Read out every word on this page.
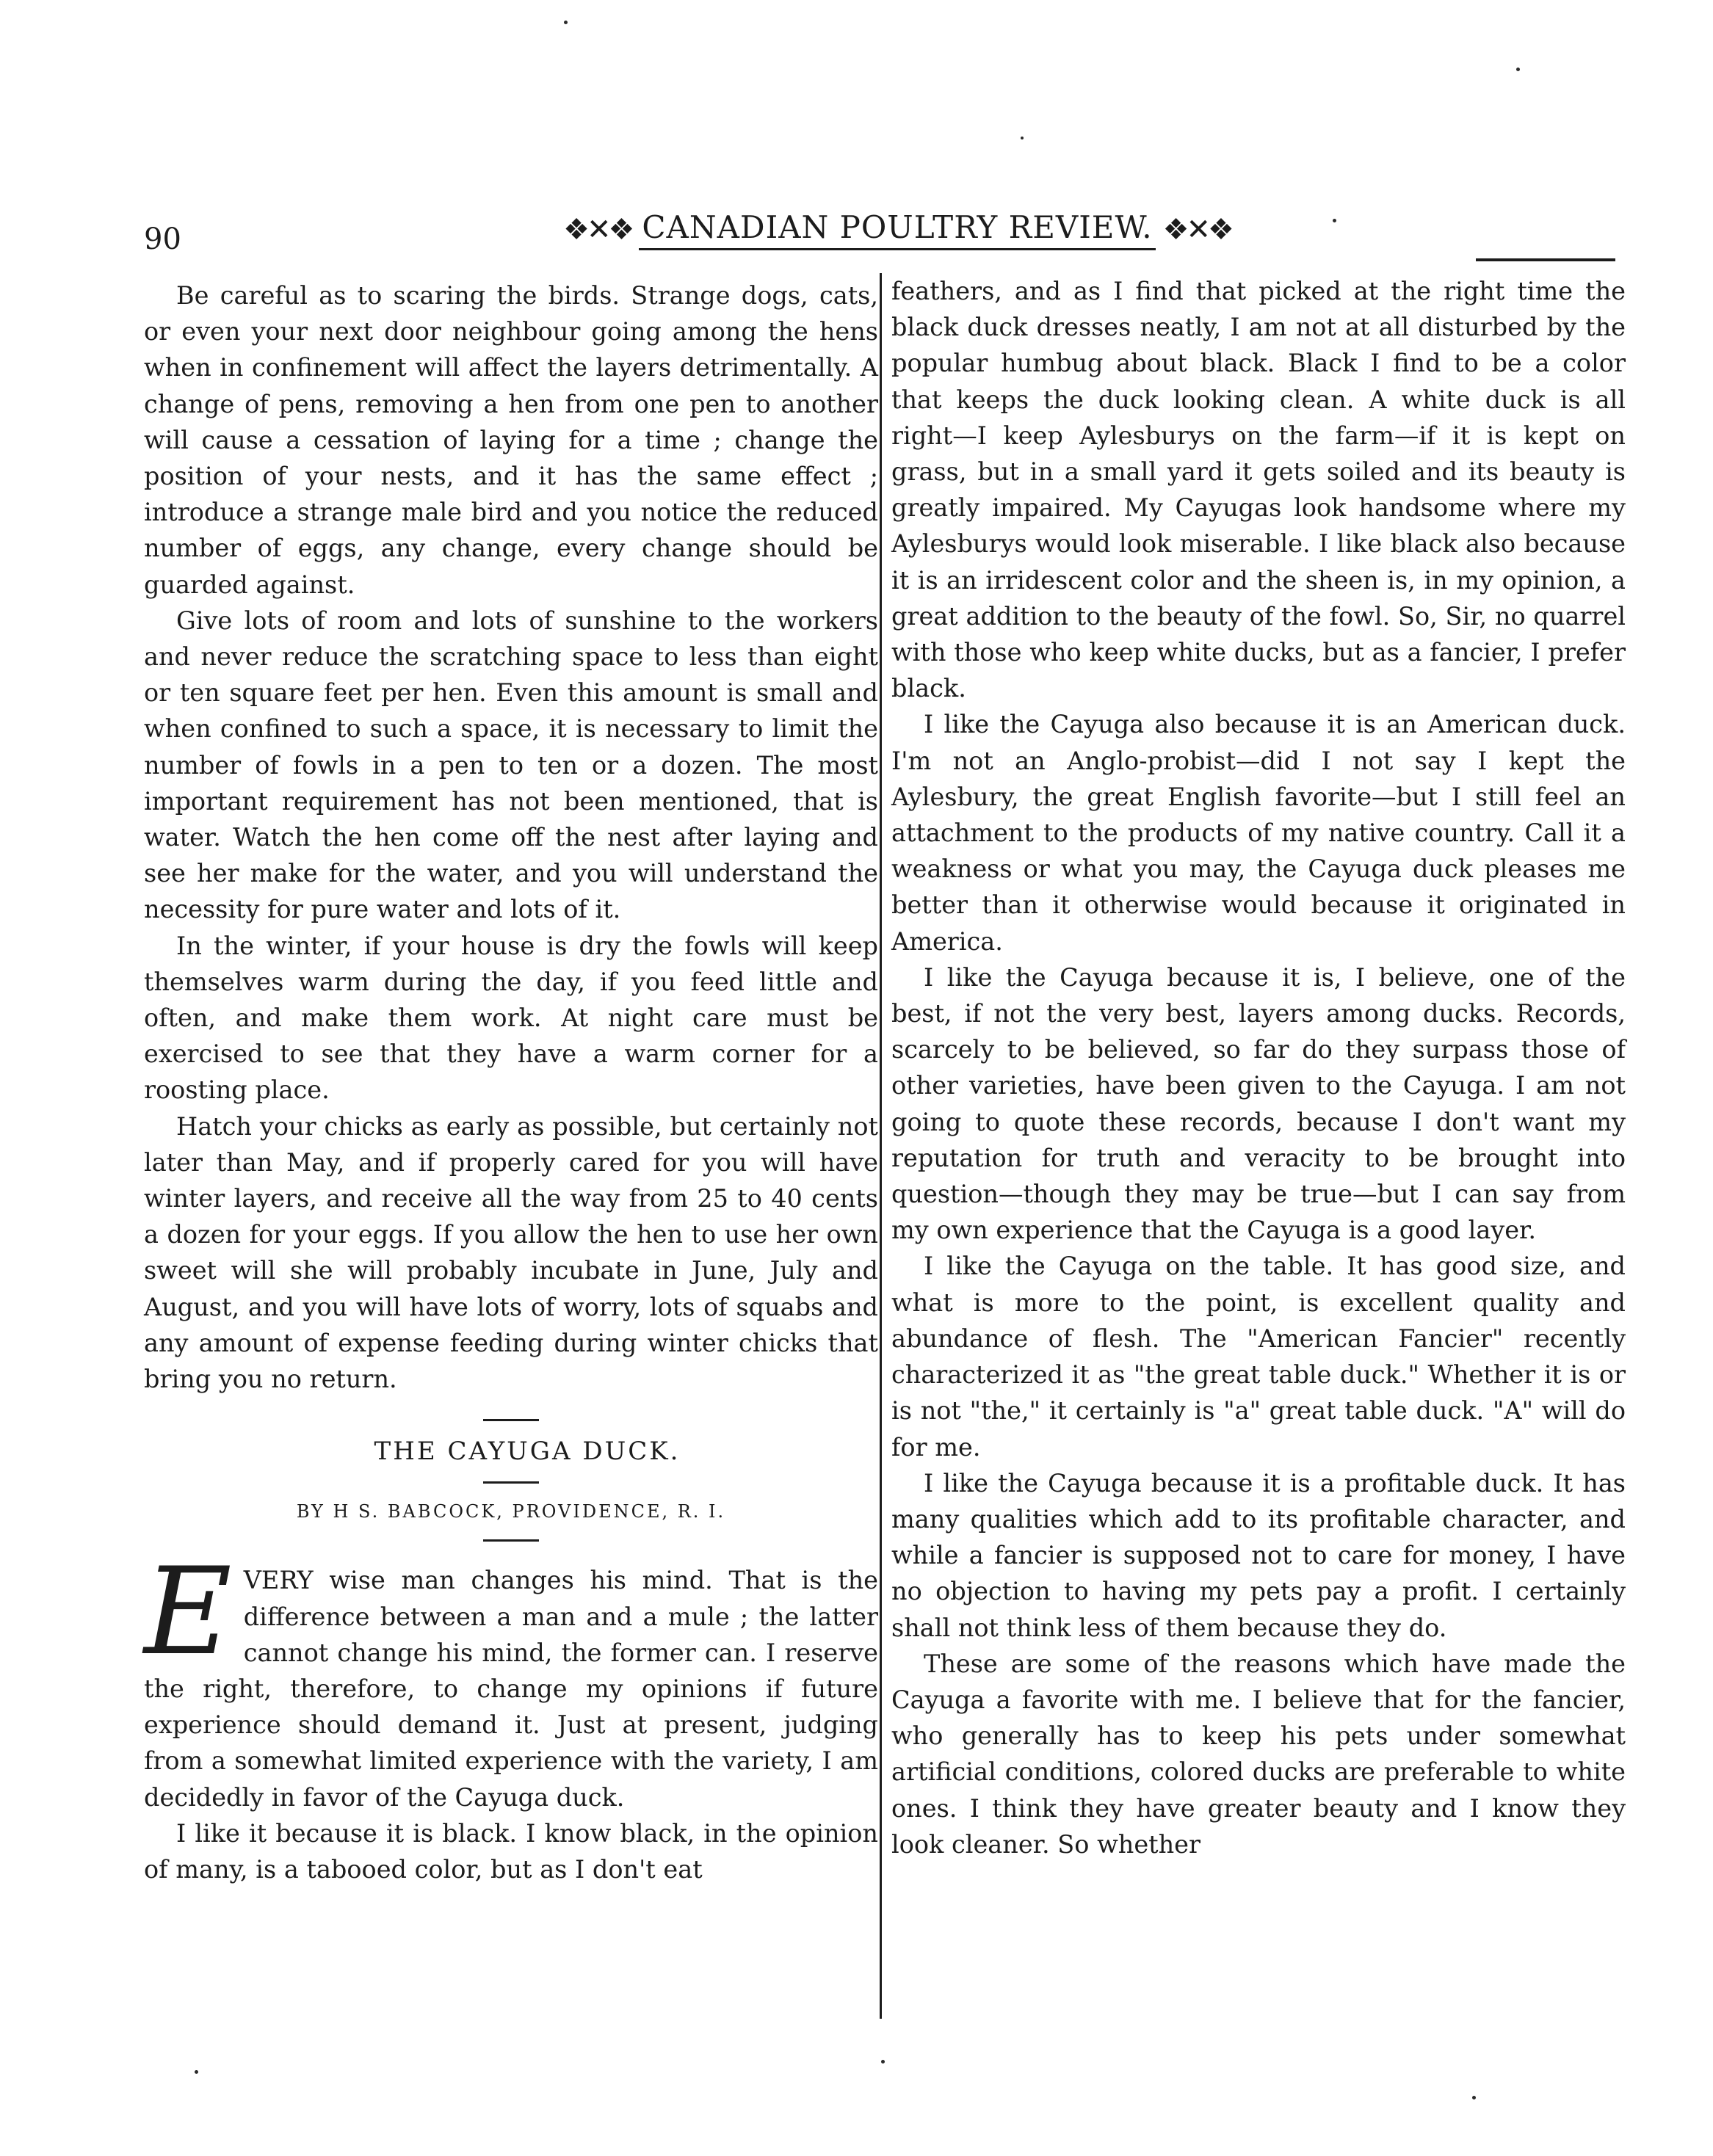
90	❖✕❖ CANADIAN POULTRY REVIEW. ❖✕❖

Be careful as to scaring the birds. Strange dogs, cats, or even your next door neighbour going among the hens when in confinement will affect the layers detrimentally. A change of pens, removing a hen from one pen to another will cause a cessation of laying for a time ; change the position of your nests, and it has the same effect ; introduce a strange male bird and you notice the reduced number of eggs, any change, every change should be guarded against.

Give lots of room and lots of sunshine to the workers and never reduce the scratching space to less than eight or ten square feet per hen. Even this amount is small and when confined to such a space, it is necessary to limit the number of fowls in a pen to ten or a dozen. The most important requirement has not been mentioned, that is water. Watch the hen come off the nest after laying and see her make for the water, and you will understand the necessity for pure water and lots of it.

In the winter, if your house is dry the fowls will keep themselves warm during the day, if you feed little and often, and make them work. At night care must be exercised to see that they have a warm corner for a roosting place.

Hatch your chicks as early as possible, but certainly not later than May, and if properly cared for you will have winter layers, and receive all the way from 25 to 40 cents a dozen for your eggs. If you allow the hen to use her own sweet will she will probably incubate in June, July and August, and you will have lots of worry, lots of squabs and any amount of expense feeding during winter chicks that bring you no return.

THE CAYUGA DUCK.

BY H S. BABCOCK, PROVIDENCE, R. I.

EVERY wise man changes his mind. That is the difference between a man and a mule ; the latter cannot change his mind, the former can. I reserve the right, therefore, to change my opinions if future experience should demand it. Just at present, judging from a somewhat limited experience with the variety, I am decidedly in favor of the Cayuga duck.

I like it because it is black. I know black, in the opinion of many, is a tabooed color, but as I don't eat

feathers, and as I find that picked at the right time the black duck dresses neatly, I am not at all disturbed by the popular humbug about black. Black I find to be a color that keeps the duck looking clean. A white duck is all right—I keep Aylesburys on the farm—if it is kept on grass, but in a small yard it gets soiled and its beauty is greatly impaired. My Cayugas look handsome where my Aylesburys would look miserable. I like black also because it is an irridescent color and the sheen is, in my opinion, a great addition to the beauty of the fowl. So, Sir, no quarrel with those who keep white ducks, but as a fancier, I prefer black.

I like the Cayuga also because it is an American duck. I'm not an Anglo-probist—did I not say I kept the Aylesbury, the great English favorite—but I still feel an attachment to the products of my native country. Call it a weakness or what you may, the Cayuga duck pleases me better than it otherwise would because it originated in America.

I like the Cayuga because it is, I believe, one of the best, if not the very best, layers among ducks. Records, scarcely to be believed, so far do they surpass those of other varieties, have been given to the Cayuga. I am not going to quote these records, because I don't want my reputation for truth and veracity to be brought into question—though they may be true—but I can say from my own experience that the Cayuga is a good layer.

I like the Cayuga on the table. It has good size, and what is more to the point, is excellent quality and abundance of flesh. The "American Fancier" recently characterized it as "the great table duck." Whether it is or is not "the," it certainly is "a" great table duck. "A" will do for me.

I like the Cayuga because it is a profitable duck. It has many qualities which add to its profitable character, and while a fancier is supposed not to care for money, I have no objection to having my pets pay a profit. I certainly shall not think less of them because they do.

These are some of the reasons which have made the Cayuga a favorite with me. I believe that for the fancier, who generally has to keep his pets under somewhat artificial conditions, colored ducks are preferable to white ones. I think they have greater beauty and I know they look cleaner. So whether
